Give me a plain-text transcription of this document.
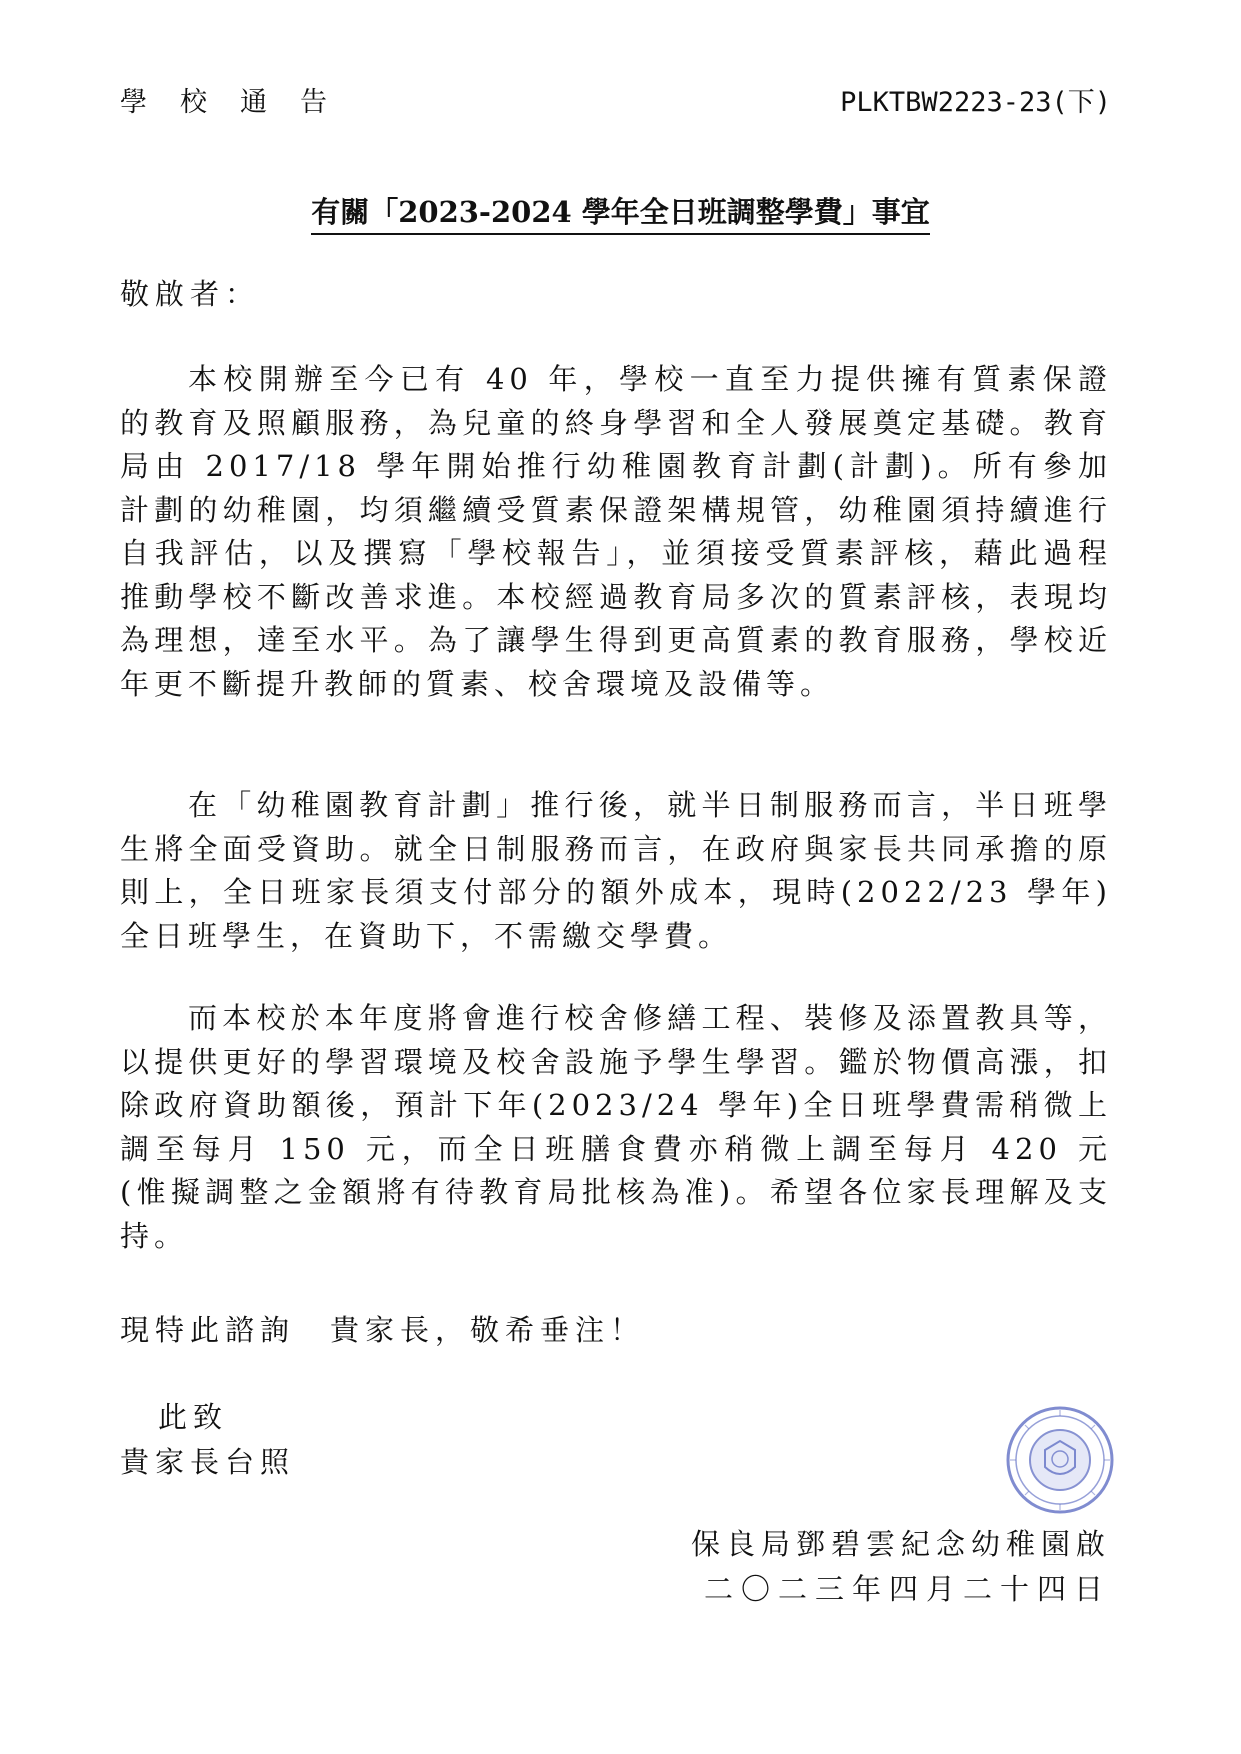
學校通告	PLKTBW2223-23(下)
有關「2023-2024 學年全日班調整學費」事宜
敬啟者：
本校開辦至今已有 40 年，學校一直至力提供擁有質素保證的教育及照顧服務，為兒童的終身學習和全人發展奠定基礎。教育局由 2017/18 學年開始推行幼稚園教育計劃(計劃)。所有參加計劃的幼稚園，均須繼續受質素保證架構規管，幼稚園須持續進行自我評估，以及撰寫「學校報告」，並須接受質素評核，藉此過程推動學校不斷改善求進。本校經過教育局多次的質素評核，表現均為理想，達至水平。為了讓學生得到更高質素的教育服務，學校近年更不斷提升教師的質素、校舍環境及設備等。
在「幼稚園教育計劃」推行後，就半日制服務而言，半日班學生將全面受資助。就全日制服務而言，在政府與家長共同承擔的原則上，全日班家長須支付部分的額外成本，現時(2022/23 學年)全日班學生，在資助下，不需繳交學費。
而本校於本年度將會進行校舍修繕工程、裝修及添置教具等，以提供更好的學習環境及校舍設施予學生學習。鑑於物價高漲，扣除政府資助額後，預計下年(2023/24 學年)全日班學費需稍微上調至每月 150 元，而全日班膳食費亦稍微上調至每月 420 元(惟擬調整之金額將有待教育局批核為准)。希望各位家長理解及支持。
現特此諮詢　貴家長，敬希垂注！
此致
貴家長台照
保良局鄧碧雲紀念幼稚園啟
二〇二三年四月二十四日
